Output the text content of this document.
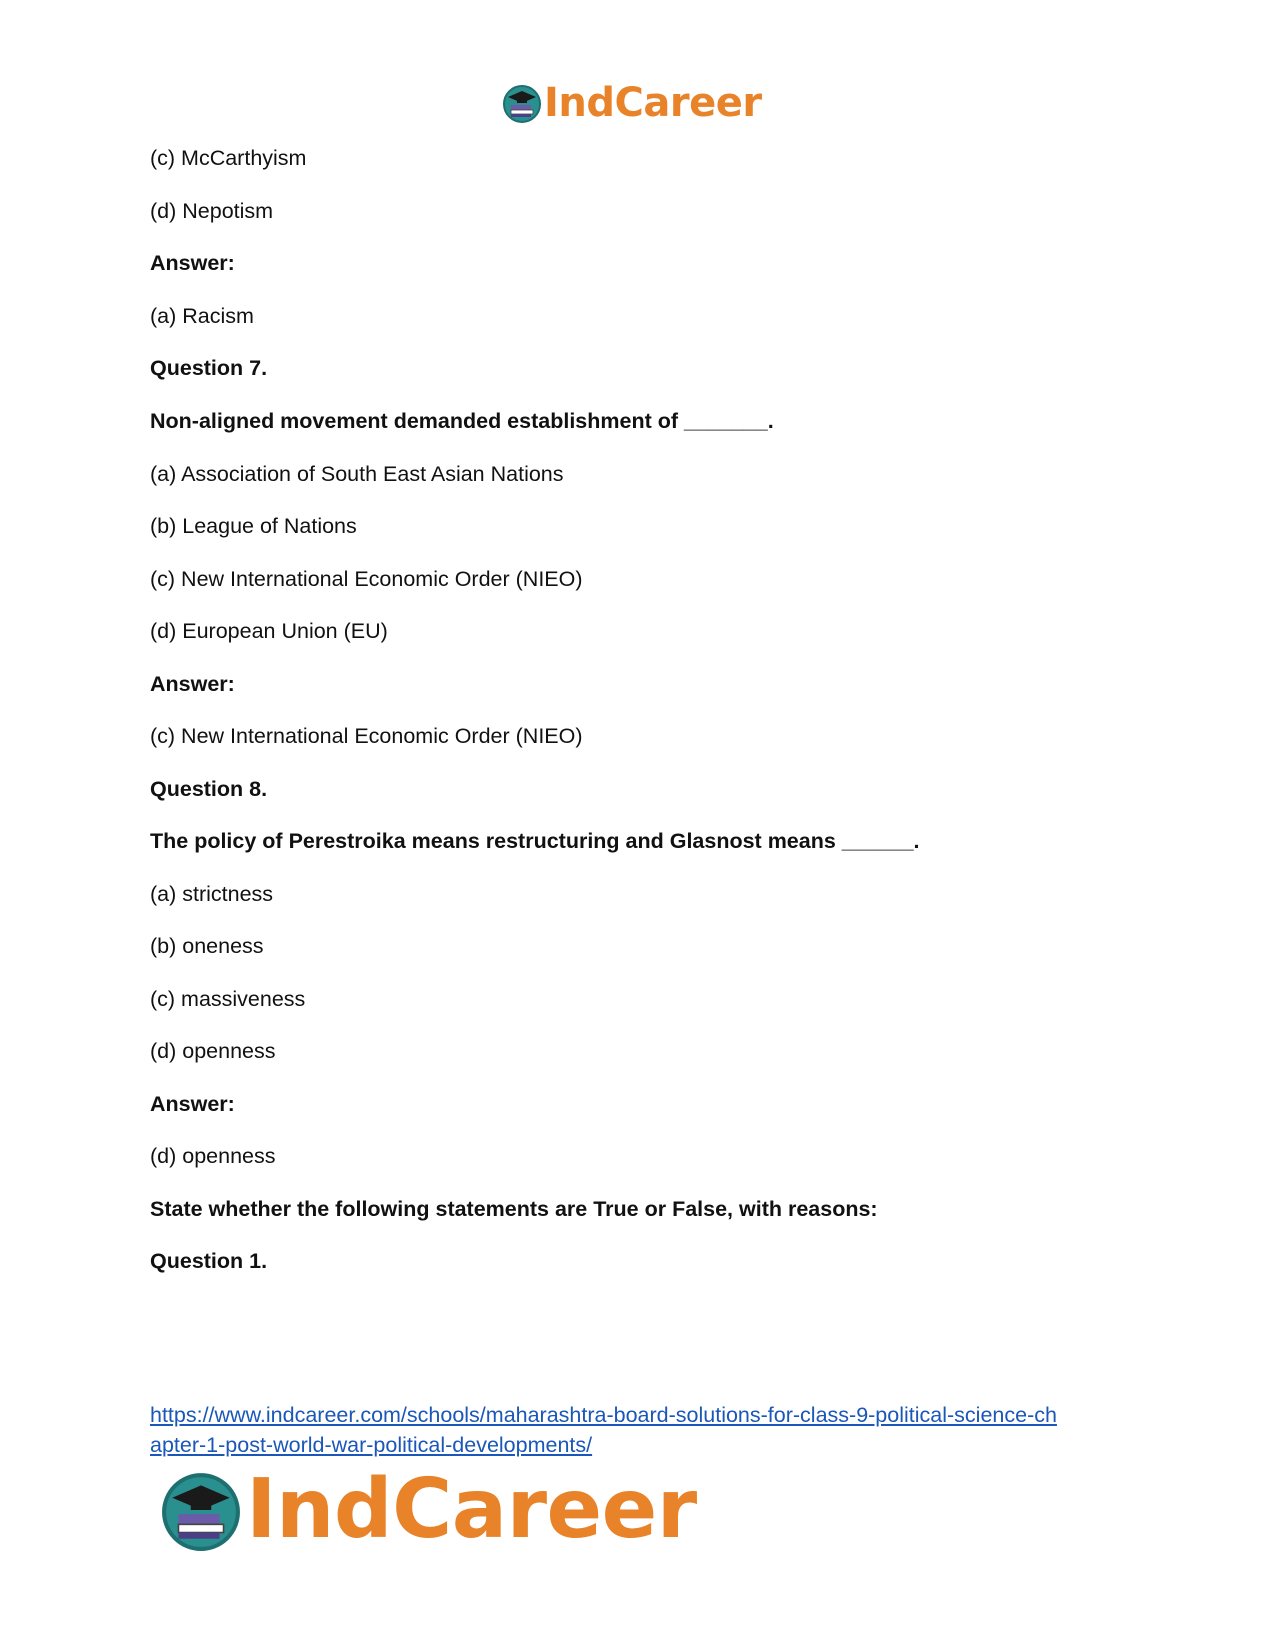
IndCareer
(c) McCarthyism
(d) Nepotism
Answer:
(a) Racism
Question 7.
Non-aligned movement demanded establishment of _______.
(a) Association of South East Asian Nations
(b) League of Nations
(c) New International Economic Order (NIEO)
(d) European Union (EU)
Answer:
(c) New International Economic Order (NIEO)
Question 8.
The policy of Perestroika means restructuring and Glasnost means ______.
(a) strictness
(b) oneness
(c) massiveness
(d) openness
Answer:
(d) openness
State whether the following statements are True or False, with reasons:
Question 1.
https://www.indcareer.com/schools/maharashtra-board-solutions-for-class-9-political-science-ch
apter-1-post-world-war-political-developments/
IndCareer
